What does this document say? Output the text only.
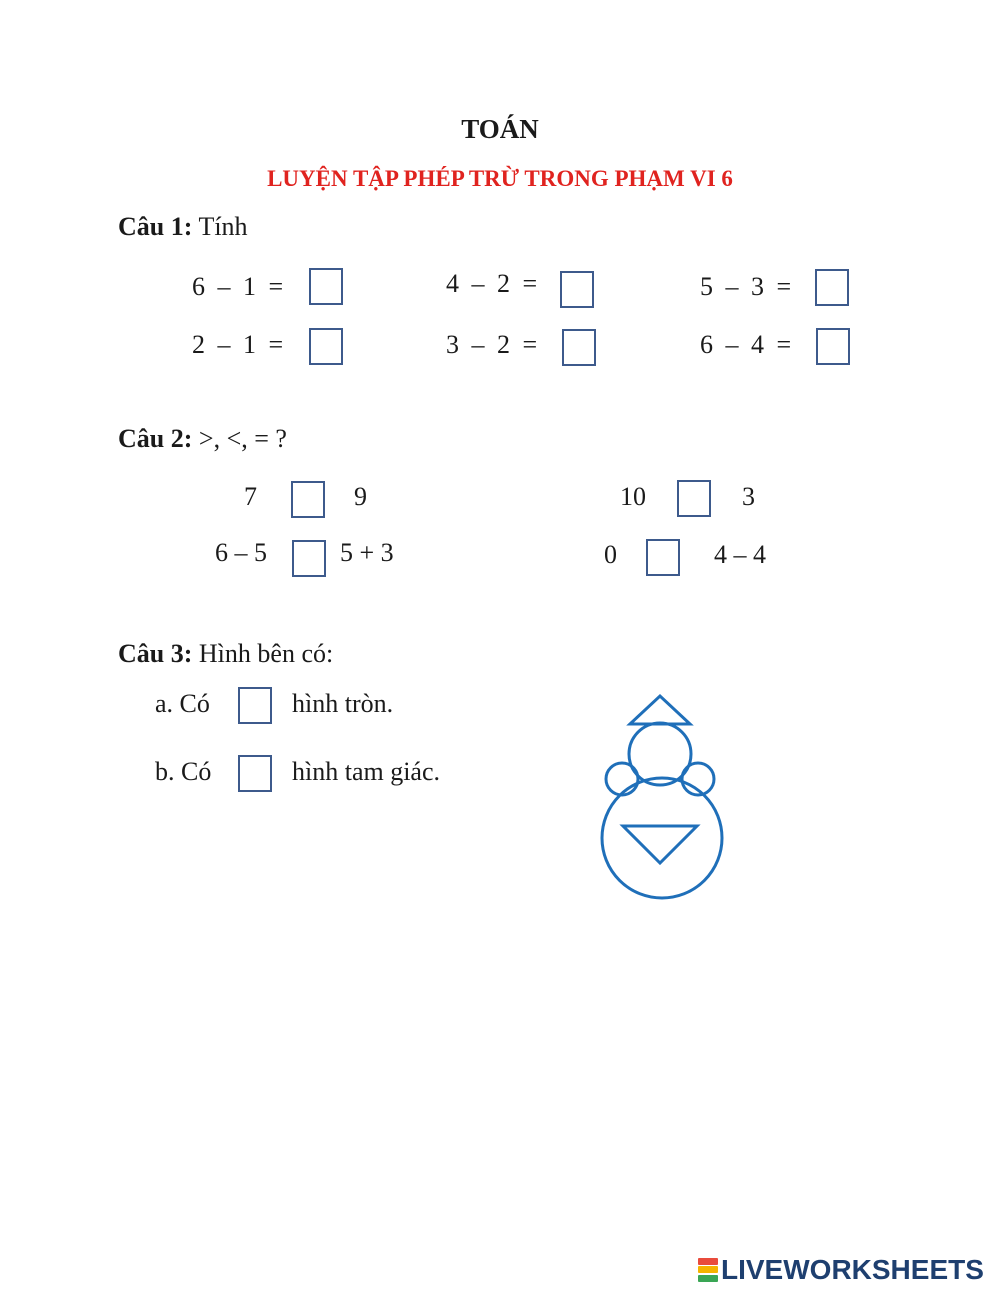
TOÁN
LUYỆN TẬP PHÉP TRỪ TRONG PHẠM VI 6
Câu 1: Tính
6 – 1 =	4 – 2 =	5 – 3 =
2 – 1 =	3 – 2 =	6 – 4 =
Câu 2: >, <, = ?
7	9	10	3
6 – 5	5 + 3	0	4 – 4
Câu 3: Hình bên có:
a. Có	hình tròn.
b. Có	hình tam giác.
LIVEWORKSHEETS
